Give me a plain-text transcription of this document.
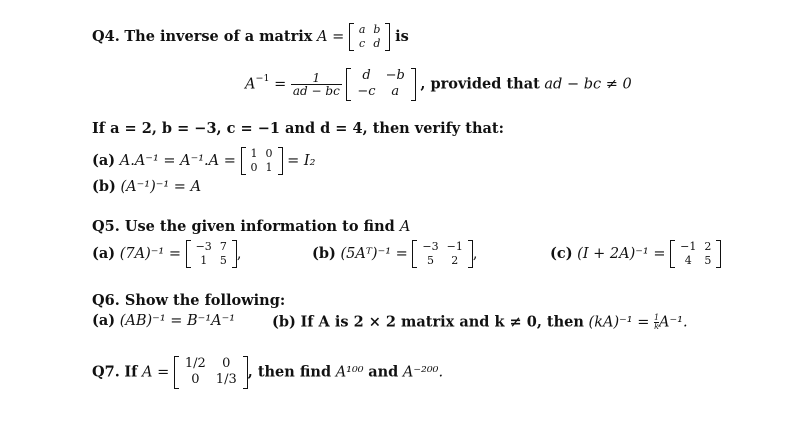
Q4. The inverse of a matrix A = a	b
c	d is
$A^{-1} = \frac{1}{ad - bc}$
d	−b
−c	a , provided that ad − bc ≠ 0
If a = 2, b = −3, c = −1 and d = 4, then verify that:
(a) A.A⁻¹ = A⁻¹.A = 1	0
0	1 = I₂
(b) (A⁻¹)⁻¹ = A
Q5. Use the given information to find A
(a) (7A)⁻¹ = −3	7
1	5 ,	(b) (5Aᵀ)⁻¹ = −3	−1
5	2 ,	(c) (I + 2A)⁻¹ = −1	2
4	5
Q6. Show the following:
(a) (AB)⁻¹ = B⁻¹A⁻¹	(b) If A is 2 × 2 matrix and k ≠ 0, then $(kA)^{-1} = \frac{1}{k} A^{-1}$.
Q7. If A =
1/2	0
0	1/3 , then find A¹⁰⁰ and A⁻²⁰⁰.
